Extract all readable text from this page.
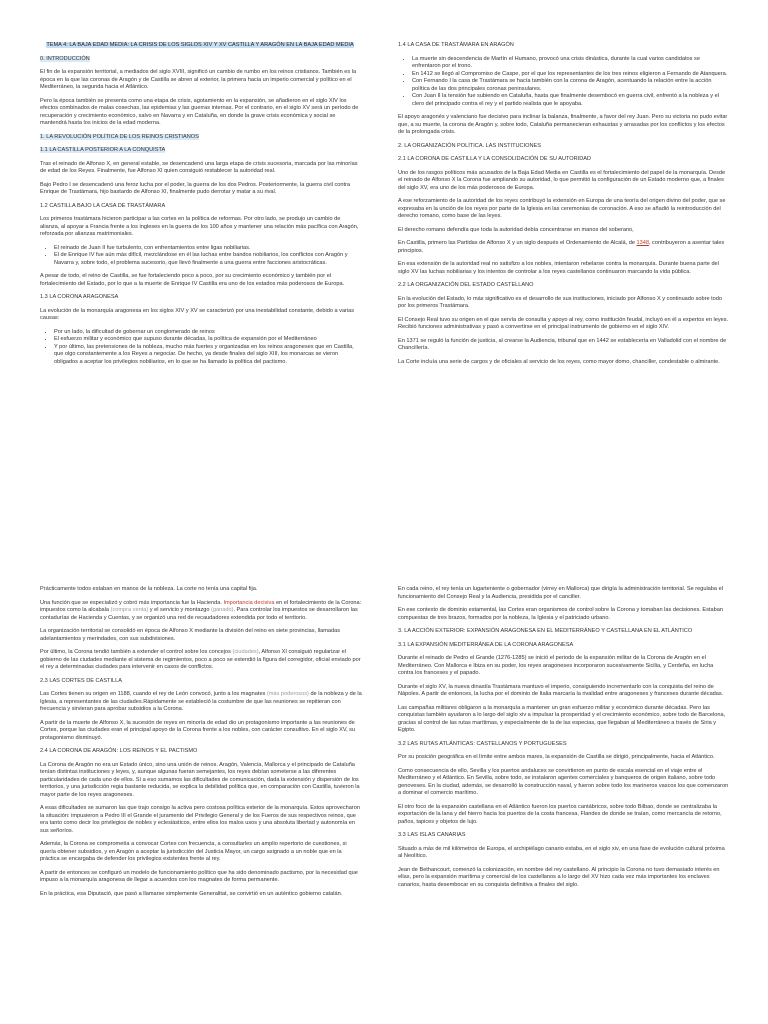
TEMA 4: LA BAJA EDAD MEDIA: LA CRISIS DE LOS SIGLOS XIV Y XV CASTILLA Y ARAGÓN EN LA BAJA EDAD MEDIA

0. INTRODUCCIÓN

El fin de la expansión territorial, a mediados del siglo XVIII, significó un cambio de rumbo en los reinos cristianos. También es la época en la que las coronas de Aragón y de Castilla se abren al exterior, la primera hacia un imperio comercial y político en el Mediterráneo, la segunda hacia el Atlántico.

Pero la época también se presenta como una etapa de crisis, agotamiento en la expansión, se añadieron en el siglo XIV los efectos combinados de malas cosechas, las epidemias y las guerras internas. Por el contrario, en el siglo XV será un período de recuperación y crecimiento económico, salvo en Navarra y en Cataluña, en donde la grave crisis económica y social se mantendrá hasta los inicios de la edad moderna.

1. LA REVOLUCIÓN POLÍTICA DE LOS REINOS CRISTIANOS

1.1 LA CASTILLA POSTERIOR A LA CONQUISTA

Tras el reinado de Alfonso X, en general estable, se desencadenó una larga etapa de crisis sucesoria, marcada por las minorías de edad de los Reyes. Finalmente, fue Alfonso XI quien consiguió restablecer la autoridad real.

Bajo Pedro I se desencadenó una feroz lucha por el poder, la guerra de los dos Pedros. Posteriormente, la guerra civil contra Enrique de Trastámara, hijo bastardo de Alfonso XI, finalmente pudo derrotar y matar a su rival.

1.2 CASTILLA BAJO LA CASA DE TRASTÁMARA

Los primeros trastámara hicieron participar a las cortes en la política de reformas. Por otro lado, se produjo un cambio de alianza, al apoyar a Francia frente a los ingleses en la guerra de los 100 años y mantener una relación más pacífica con Aragón, reforzada por alianzas matrimoniales.

• El reinado de Juan II fue turbulento, con enfrentamientos entre ligas nobiliarias.
• El de Enrique IV fue aún más difícil, mezclándose en él las luchas entre bandos nobiliarios, los conflictos con Aragón y Navarra y, sobre todo, el problema sucesorio, que llevó finalmente a una guerra entre facciones aristocráticas.

A pesar de todo, el reino de Castilla, se fue fortaleciendo poco a poco, por su crecimiento económico y también por el fortalecimiento del Estado, por lo que a la muerte de Enrique IV Castilla era uno de los estados más poderosos de Europa.

1.3 LA CORONA ARAGONESA

La evolución de la monarquía aragonesa en los siglos XIV y XV se caracterizó por una inestabilidad constante, debido a varias causas:

• Por un lado, la dificultad de gobernar un conglomerado de reinos
• El esfuerzo militar y económico que supuso durante décadas, la política de expansión por el Mediterráneo
• Y por último, las pretensiones de la nobleza, mucho más fuertes y organizadas en los reinos aragoneses que en Castilla, que olgo constantemente a los Reyes a negociar. De hecho, ya desde finales del siglo XIII, los monarcas se vieron obligados a aceptar los privilegios nobiliarios, en lo que se ha llamado la política del pactismo.

1.4 LA CASA DE TRASTÁMARA EN ARAGÓN

• La muerte sin descendencia de Martín el Humano, provocó una crisis dinástica, durante la cual varios candidatos se enfrentaron por el trono.
• En 1412 se llegó al Compromiso de Caspe, por el que los representantes de los tres reinos eligieron a Fernando de Atanquera.
• Con Fernando I la casa de Trastámara se hacía también con la corona de Aragón, acentuando la relación entre la acción política de las dos principales coronas peninsulares.
• Con Juan II la tensión fue subiendo en Cataluña, hasta que finalmente desembocó en guerra civil, enfrentó a la nobleza y el clero del principado contra el rey y el partido realista que le apoyaba.

El apoyo aragonés y valenciano fue decisivo para inclinar la balanza, finalmente, a favor del rey Juan. Pero su victoria no pudo evitar que, a su muerte, la corona de Aragón y, sobre todo, Cataluña permanecieran exhaustas y arrasadas por los conflictos y los efectos de la prolongada crisis.

2. LA ORGANIZACIÓN POLÍTICA. LAS INSTITUCIONES

2.1 LA CORONA DE CASTILLA Y LA CONSOLIDACIÓN DE SU AUTORIDAD

Uno de los rasgos políticos más acusados de la Baja Edad Media en Castilla es el fortalecimiento del papel de la monarquía. Desde el reinado de Alfonso X la Corona fue ampliando su autoridad, lo que permitió la configuración de un Estado moderno que, a finales del siglo XV, era uno de los más poderosos de Europa.

A ese reforzamiento de la autoridad de los reyes contribuyó la extensión en Europa de una teoría del origen divino del poder, que se expresaba en la unción de los reyes por parte de la Iglesia en las ceremonias de coronación. A eso se añadió la reintroducción del derecho romano, como base de las leyes.

El derecho romano defendía que toda la autoridad debía concentrarse en manos del soberano,

En Castilla, primero las Partidas de Alfonso X y un siglo después el Ordenamiento de Alcalá, de 1348, contribuyeron a asentar tales principios.

En esa extensión de la autoridad real no satisfizo a los nobles, intentaron rebelarse contra la monarquía. Durante buena parte del siglo XV las luchas nobiliarias y los intentos de controlar a los reyes castellanos continuaron marcando la vida pública.

2.2 LA ORGANIZACIÓN DEL ESTADO CASTELLANO

En la evolución del Estado, lo más significativo es el desarrollo de sus instituciones, iniciado por Alfonso X y continuado sobre todo por los primeros Trastámara.

El Consejo Real tuvo su origen en el que servía de consulta y apoyo al rey, como institución feudal, incluyó en él a expertos en leyes. Recibió funciones administrativas y pasó a convertirse en el principal instrumento de gobierno en el siglo XIV.

En 1371 se reguló la función de justicia, al crearse la Audiencia, tribunal que en 1442 se establecería en Valladolid con el nombre de Chancillería.

La Corte incluía una serie de cargos y de oficiales al servicio de los reyes, como mayor domo, chanciller, condestable o almirante.

Prácticamente todos estaban en manos de la nobleza. La corte no tenía una capital fija.

Una función que se especializó y cobró más importancia fue la Hacienda. Importancia decisiva en el fortalecimiento de la Corona: impuestos como la alcabala (compra venta) y el servicio y montazgo (ganado). Para controlar los impuestos se desarrollaron las contadurías de Hacienda y Cuentas, y se organizó una red de recaudadores extendida por todo el territorio.

La organización territorial se consolidó en época de Alfonso X mediante la división del reino en siete provincias, llamadas adelantamientos y merindades, con sus subdivisiones.

Por último, la Corona tendió también a extender el control sobre los concejos (ciudades), Alfonso XI consiguió regularizar el gobierno de las ciudades mediante el sistema de regimientos, poco a poco se extendió la figura del corregidor, oficial enviado por el rey a determinadas ciudades para intervenir en casos de conflictos.

2.3 LAS CORTES DE CASTILLA

Las Cortes tienen su origen en 1188, cuando el rey de León convocó, junto a los magnates (más poderosos) de la nobleza y de la Iglesia, a representantes de las ciudades.Rápidamente se estableció la costumbre de que las reuniones se repitieran con frecuencia y sirvieran para aprobar subsidios a la Corona.

A partir de la muerte de Alfonso X, la sucesión de reyes en minoría de edad dio un protagonismo importante a las reuniones de Cortes, porque las ciudades eran el principal apoyo de la Corona frente a los nobles, con carácter consultivo. En el siglo XV, su protagonismo disminuyó.

2.4 LA CORONA DE ARAGÓN: LOS REINOS Y EL PACTISMO

La Corona de Aragón no era un Estado único, sino una unión de reinos. Aragón, Valencia, Mallorca y el principado de Cataluña tenían distintas instituciones y leyes, y, aunque algunas fueran semejantes, los reyes debían someterse a las diferentes particularidades de cada uno de ellos. Sí a eso sumamos las dificultades de comunicación, dada la extensión y dispersión de los territorios, y una jurisdicción regia bastante reducida, se explica la debilidad política que, en comparación con Castilla, tuvieron la mayor parte de los reyes aragoneses.

A esas dificultades se sumaron las que trajo consigo la activa pero costosa política exterior de la monarquía. Estos aprovecharon la situación: impusieron a Pedro III el Grande el juramento del Privilegio General y de los Fueros de sus respectivos reinos, que era tanto como decir los privilegios de nobles y eclesiásticos, entre ellos los malos usos y una absoluta libertad y autonomía en sus señoríos.

Además, la Corona se comprometía a convocar Cortes con frecuencia, a consultarles un amplio repertorio de cuestiones, si quería obtener subsidios, y en Aragón a aceptar la jurisdicción del Justicia Mayor, un cargo asignado a un noble que en la práctica se encargaba de defender los privilegios existentes frente al rey.

A partir de entonces se configuró un modelo de funcionamiento político que ha sido denominado pactismo, por la necesidad que impuso a la monarquía aragonesa de llegar a acuerdos con los magnates de forma permanente.

En la práctica, esa Diputació, que pasó a llamarse simplemente Generalitat, se convirtió en un auténtico gobierno catalán.

En cada reino, el rey tenía un lugarteniente o gobernador (virrey en Mallorca) que dirigía la administración territorial. Se regulaba el funcionamiento del Consejo Real y la Audiencia, presidida por el canciller.

En ese contexto de dominio estamental, las Cortes eran organismos de control sobre la Corona y tomaban las decisiones. Estaban compuestas de tres brazos, formados por la nobleza, la Iglesia y el patriciado urbano.

3. LA ACCIÓN EXTERIOR: EXPANSIÓN ARAGONESA EN EL MEDITERRÁNEO Y CASTELLANA EN EL ATLÁNTICO

3.1 LA EXPANSIÓN MEDITERRÁNEA DE LA CORONA ARAGONESA

Durante el reinado de Pedro el Grande (1276-1285) se inició el periodo de la expansión militar de la Corona de Aragón en el Mediterráneo. Con Mallorca e Ibiza en su poder, los reyes aragoneses incorporaron sucesivamente Sicilia, y Cerdeña, en lucha contra los franceses y el papado.

Durante el siglo XV, la nueva dinastía Trastámara mantuvo el imperio, consiguiendo incrementarlo con la conquista del reino de Nápoles. A partir de entonces, la lucha por el dominio de Italia marcaría la rivalidad entre aragoneses y franceses durante décadas.

Las campañas militares obligaron a la monarquía a mantener un gran esfuerzo militar y económico durante décadas. Pero las conquistas también ayudaron a lo largo del siglo xiv a impulsar la prosperidad y el crecimiento económico, sobre todo de Barcelona, gracias al control de las rutas marítimas, y especialmente de la de las especias, que llegaban al Mediterráneo a través de Siria y Egipto.

3.2 LAS RUTAS ATLÁNTICAS: CASTELLANOS Y PORTUGUESES

Por su posición geográfica en el límite entre ambos mares, la expansión de Castilla se dirigió, principalmente, hacia el Atlántico.

Como consecuencia de ello, Sevilla y los puertos andaluces se convirtieron en punto de escala esencial en el viaje entre el Mediterráneo y el Atlántico. En Sevilla, sobre todo, se instalaron agentes comerciales y banqueros de origen italiano, sobre todo genoveses. En la ciudad, además, se desarrolló la construcción naval, y fueron sobre todo los marineros vascos los que comenzaron a dominar el comercio marítimo.

El otro foco de la expansión castellana en el Atlántico fueron los puertos cantábricos, sobre todo Bilbao, donde se centralizaba la exportación de la lana y del hierro hacia los puertos de la costa francesa, Flandes de donde se traían, como mercancía de retorno, paños, tapices y objetos de lujo.

3.3 LAS ISLAS CANARIAS

Situado a más de mil kilómetros de Europa, el archipiélago canario estaba, en el siglo xiv, en una fase de evolución cultural próxima al Neolítico.

Jean de Bethancourt, comenzó la colonización, en nombre del rey castellano. Al principio la Corona no tuvo demasiado interés en ellas, pero la expansión marítima y comercial de los castellanos a lo largo del XV hizo cada vez más importantes los enclaves canarios, hasta desembocar en su conquista definitiva a finales del siglo.
